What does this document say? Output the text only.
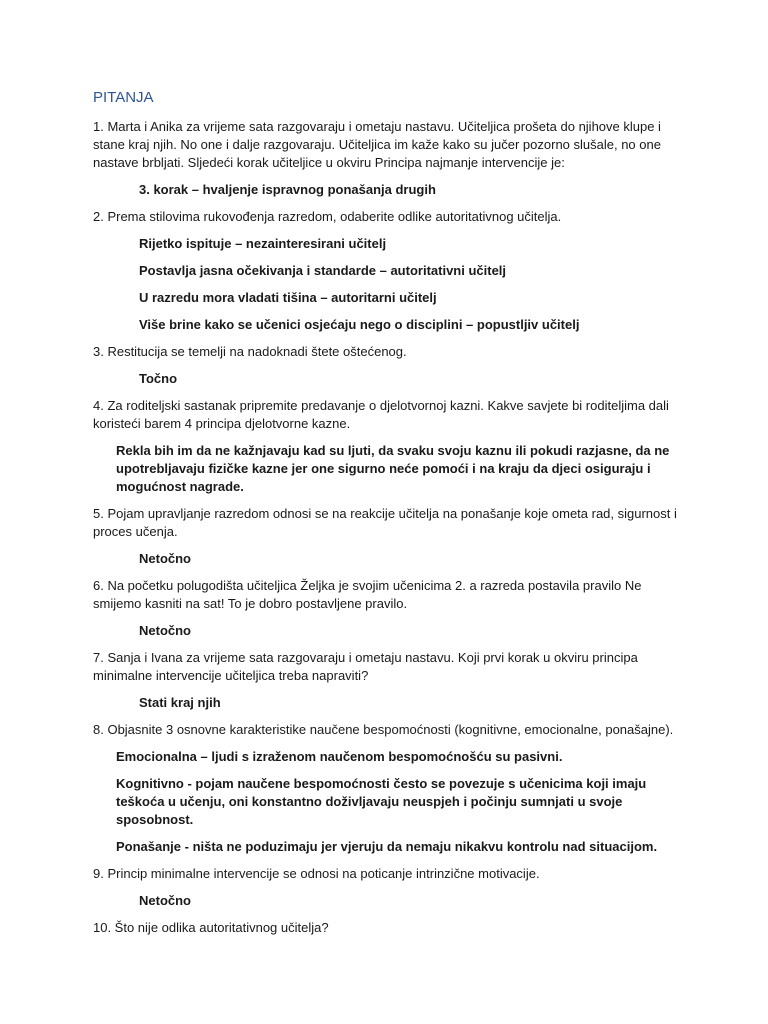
PITANJA

1. Marta i Anika za vrijeme sata razgovaraju i ometaju nastavu. Učiteljica prošeta do njihove klupe i stane kraj njih. No one i dalje razgovaraju. Učiteljica im kaže kako su jučer pozorno slušale, no one nastave brbljati. Sljedeći korak učiteljice u okviru Principa najmanje intervencije je:

3. korak – hvaljenje ispravnog ponašanja drugih

2. Prema stilovima rukovođenja razredom, odaberite odlike autoritativnog učitelja.

Rijetko ispituje – nezainteresirani učitelj

Postavlja jasna očekivanja i standarde – autoritativni učitelj

U razredu mora vladati tišina – autoritarni učitelj

Više brine kako se učenici osjećaju nego o disciplini – popustljiv učitelj

3. Restitucija se temelji na nadoknadi štete oštećenog.

Točno

4. Za roditeljski sastanak pripremite predavanje o djelotvornoj kazni. Kakve savjete bi roditeljima dali koristeći barem 4 principa djelotvorne kazne.

Rekla bih im da ne kažnjavaju kad su ljuti, da svaku svoju kaznu ili pokudi razjasne, da ne upotrebljavaju fizičke kazne jer one sigurno neće pomoći i na kraju da djeci osiguraju i mogućnost nagrade.

5. Pojam upravljanje razredom odnosi se na reakcije učitelja na ponašanje koje ometa rad, sigurnost i proces učenja.

Netočno

6. Na početku polugodišta učiteljica Željka je svojim učenicima 2. a razreda postavila pravilo Ne smijemo kasniti na sat! To je dobro postavljene pravilo.

Netočno

7. Sanja i Ivana za vrijeme sata razgovaraju i ometaju nastavu. Koji prvi korak u okviru principa minimalne intervencije učiteljica treba napraviti?

Stati kraj njih

8. Objasnite 3 osnovne karakteristike naučene bespomoćnosti (kognitivne, emocionalne, ponašajne).

Emocionalna – ljudi s izraženom naučenom bespomoćnošću su pasivni.

Kognitivno - pojam naučene bespomoćnosti često se povezuje s učenicima koji imaju teškoća u učenju, oni konstantno doživljavaju neuspjeh i počinju sumnjati u svoje sposobnost.

Ponašanje - ništa ne poduzimaju jer vjeruju da nemaju nikakvu kontrolu nad situacijom.

9. Princip minimalne intervencije se odnosi na poticanje intrinzične motivacije.

Netočno

10. Što nije odlika autoritativnog učitelja?
